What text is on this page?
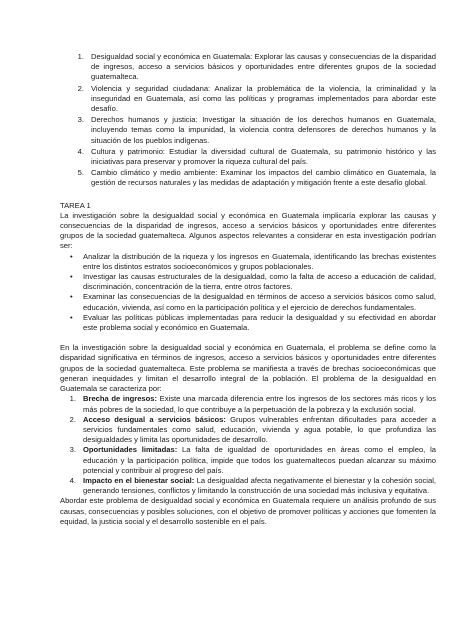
1. Desigualdad social y económica en Guatemala: Explorar las causas y consecuencias de la disparidad de ingresos, acceso a servicios básicos y oportunidades entre diferentes grupos de la sociedad guatemalteca.
2. Violencia y seguridad ciudadana: Analizar la problemática de la violencia, la criminalidad y la inseguridad en Guatemala, así como las políticas y programas implementados para abordar este desafío.
3. Derechos humanos y justicia: Investigar la situación de los derechos humanos en Guatemala, incluyendo temas como la impunidad, la violencia contra defensores de derechos humanos y la situación de los pueblos indígenas.
4. Cultura y patrimonio: Estudiar la diversidad cultural de Guatemala, su patrimonio histórico y las iniciativas para preservar y promover la riqueza cultural del país.
5. Cambio climático y medio ambiente: Examinar los impactos del cambio climático en Guatemala, la gestión de recursos naturales y las medidas de adaptación y mitigación frente a este desafío global.

TAREA 1

La investigación sobre la desigualdad social y económica en Guatemala implicaría explorar las causas y consecuencias de la disparidad de ingresos, acceso a servicios básicos y oportunidades entre diferentes grupos de la sociedad guatemalteca. Algunos aspectos relevantes a considerar en esta investigación podrían ser:

• Analizar la distribución de la riqueza y los ingresos en Guatemala, identificando las brechas existentes entre los distintos estratos socioeconómicos y grupos poblacionales.
• Investigar las causas estructurales de la desigualdad, como la falta de acceso a educación de calidad, discriminación, concentración de la tierra, entre otros factores.
• Examinar las consecuencias de la desigualdad en términos de acceso a servicios básicos como salud, educación, vivienda, así como en la participación política y el ejercicio de derechos fundamentales.
• Evaluar las políticas públicas implementadas para reducir la desigualdad y su efectividad en abordar este problema social y económico en Guatemala.

En la investigación sobre la desigualdad social y económica en Guatemala, el problema se define como la disparidad significativa en términos de ingresos, acceso a servicios básicos y oportunidades entre diferentes grupos de la sociedad guatemalteca. Este problema se manifiesta a través de brechas socioeconómicas que generan inequidades y limitan el desarrollo integral de la población. El problema de la desigualdad en Guatemala se caracteriza por:

1. Brecha de ingresos: Existe una marcada diferencia entre los ingresos de los sectores más ricos y los más pobres de la sociedad, lo que contribuye a la perpetuación de la pobreza y la exclusión social.
2. Acceso desigual a servicios básicos: Grupos vulnerables enfrentan dificultades para acceder a servicios fundamentales como salud, educación, vivienda y agua potable, lo que profundiza las desigualdades y limita las oportunidades de desarrollo.
3. Oportunidades limitadas: La falta de igualdad de oportunidades en áreas como el empleo, la educación y la participación política, impide que todos los guatemaltecos puedan alcanzar su máximo potencial y contribuir al progreso del país.
4. Impacto en el bienestar social: La desigualdad afecta negativamente el bienestar y la cohesión social, generando tensiones, conflictos y limitando la construcción de una sociedad más inclusiva y equitativa.

Abordar este problema de desigualdad social y económica en Guatemala requiere un análisis profundo de sus causas, consecuencias y posibles soluciones, con el objetivo de promover políticas y acciones que fomenten la equidad, la justicia social y el desarrollo sostenible en el país.
